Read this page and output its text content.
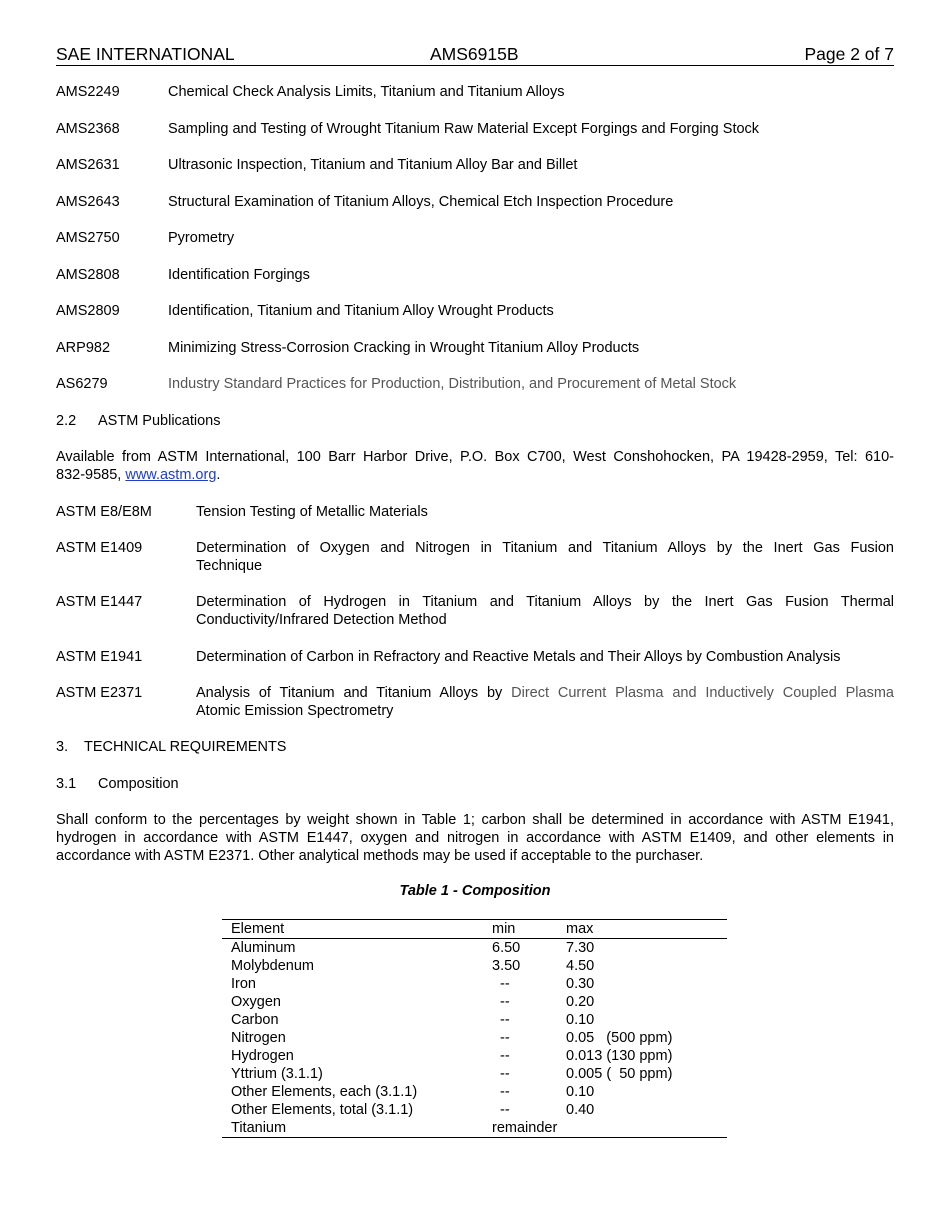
SAE INTERNATIONAL	AMS6915B	Page 2 of 7
AMS2249	Chemical Check Analysis Limits, Titanium and Titanium Alloys
AMS2368	Sampling and Testing of Wrought Titanium Raw Material Except Forgings and Forging Stock
AMS2631	Ultrasonic Inspection, Titanium and Titanium Alloy Bar and Billet
AMS2643	Structural Examination of Titanium Alloys, Chemical Etch Inspection Procedure
AMS2750	Pyrometry
AMS2808	Identification Forgings
AMS2809	Identification, Titanium and Titanium Alloy Wrought Products
ARP982	Minimizing Stress-Corrosion Cracking in Wrought Titanium Alloy Products
AS6279	Industry Standard Practices for Production, Distribution, and Procurement of Metal Stock
2.2 ASTM Publications
Available from ASTM International, 100 Barr Harbor Drive, P.O. Box C700, West Conshohocken, PA 19428-2959, Tel: 610-
832-9585, www.astm.org.
ASTM E8/E8M	Tension Testing of Metallic Materials
ASTM E1409	Determination of Oxygen and Nitrogen in Titanium and Titanium Alloys by the Inert Gas Fusion
Technique
ASTM E1447	Determination of Hydrogen in Titanium and Titanium Alloys by the Inert Gas Fusion Thermal
Conductivity/Infrared Detection Method
ASTM E1941	Determination of Carbon in Refractory and Reactive Metals and Their Alloys by Combustion Analysis
ASTM E2371	Analysis of Titanium and Titanium Alloys by Direct Current Plasma and Inductively Coupled Plasma
Atomic Emission Spectrometry
3. TECHNICAL REQUIREMENTS
3.1 Composition
Shall conform to the percentages by weight shown in Table 1; carbon shall be determined in accordance with ASTM E1941,
hydrogen in accordance with ASTM E1447, oxygen and nitrogen in accordance with ASTM E1409, and other elements in
accordance with ASTM E2371. Other analytical methods may be used if acceptable to the purchaser.
Table 1 - Composition
Element	min	max
Aluminum	6.50	7.30
Molybdenum	3.50	4.50
Iron	--	0.30
Oxygen	--	0.20
Carbon	--	0.10
Nitrogen	--	0.05   (500 ppm)
Hydrogen	--	0.013 (130 ppm)
Yttrium (3.1.1)	--	0.005 (  50 ppm)
Other Elements, each (3.1.1)	--	0.10
Other Elements, total (3.1.1)	--	0.40
Titanium	remainder
